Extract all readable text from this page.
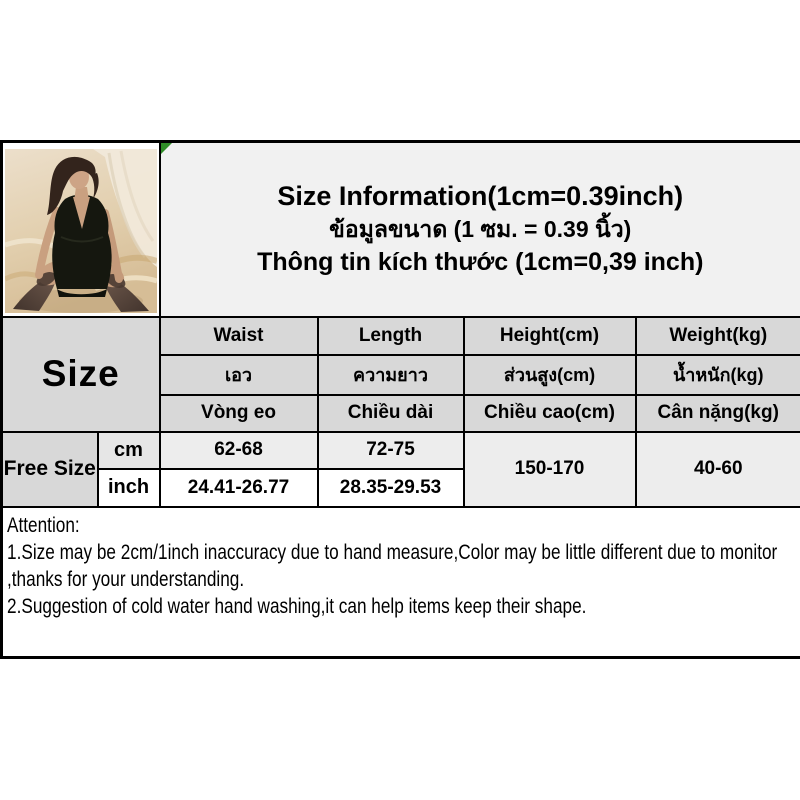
Size Information(1cm=0.39inch)
ข้อมูลขนาด (1 ซม. = 0.39 นิ้ว)
Thông tin kích thước (1cm=0,39 inch)			

Size		Waist	Length	Height(cm)	Weight(kg)
		เอว	ความยาว	ส่วนสูง(cm)	น้ำหนัก(kg)
		Vòng eo	Chiều dài	Chiều cao(cm)	Cân nặng(kg)
Free Size	cm	62-68	72-75	150-170	40-60
	inch	24.41-26.77	28.35-29.53		

Attention:
1.Size may be 2cm/1inch inaccuracy due to hand measure,Color may be little different due to monitor ,thanks for your understanding.
2.Suggestion of cold water hand washing,it can help items keep their shape.					
